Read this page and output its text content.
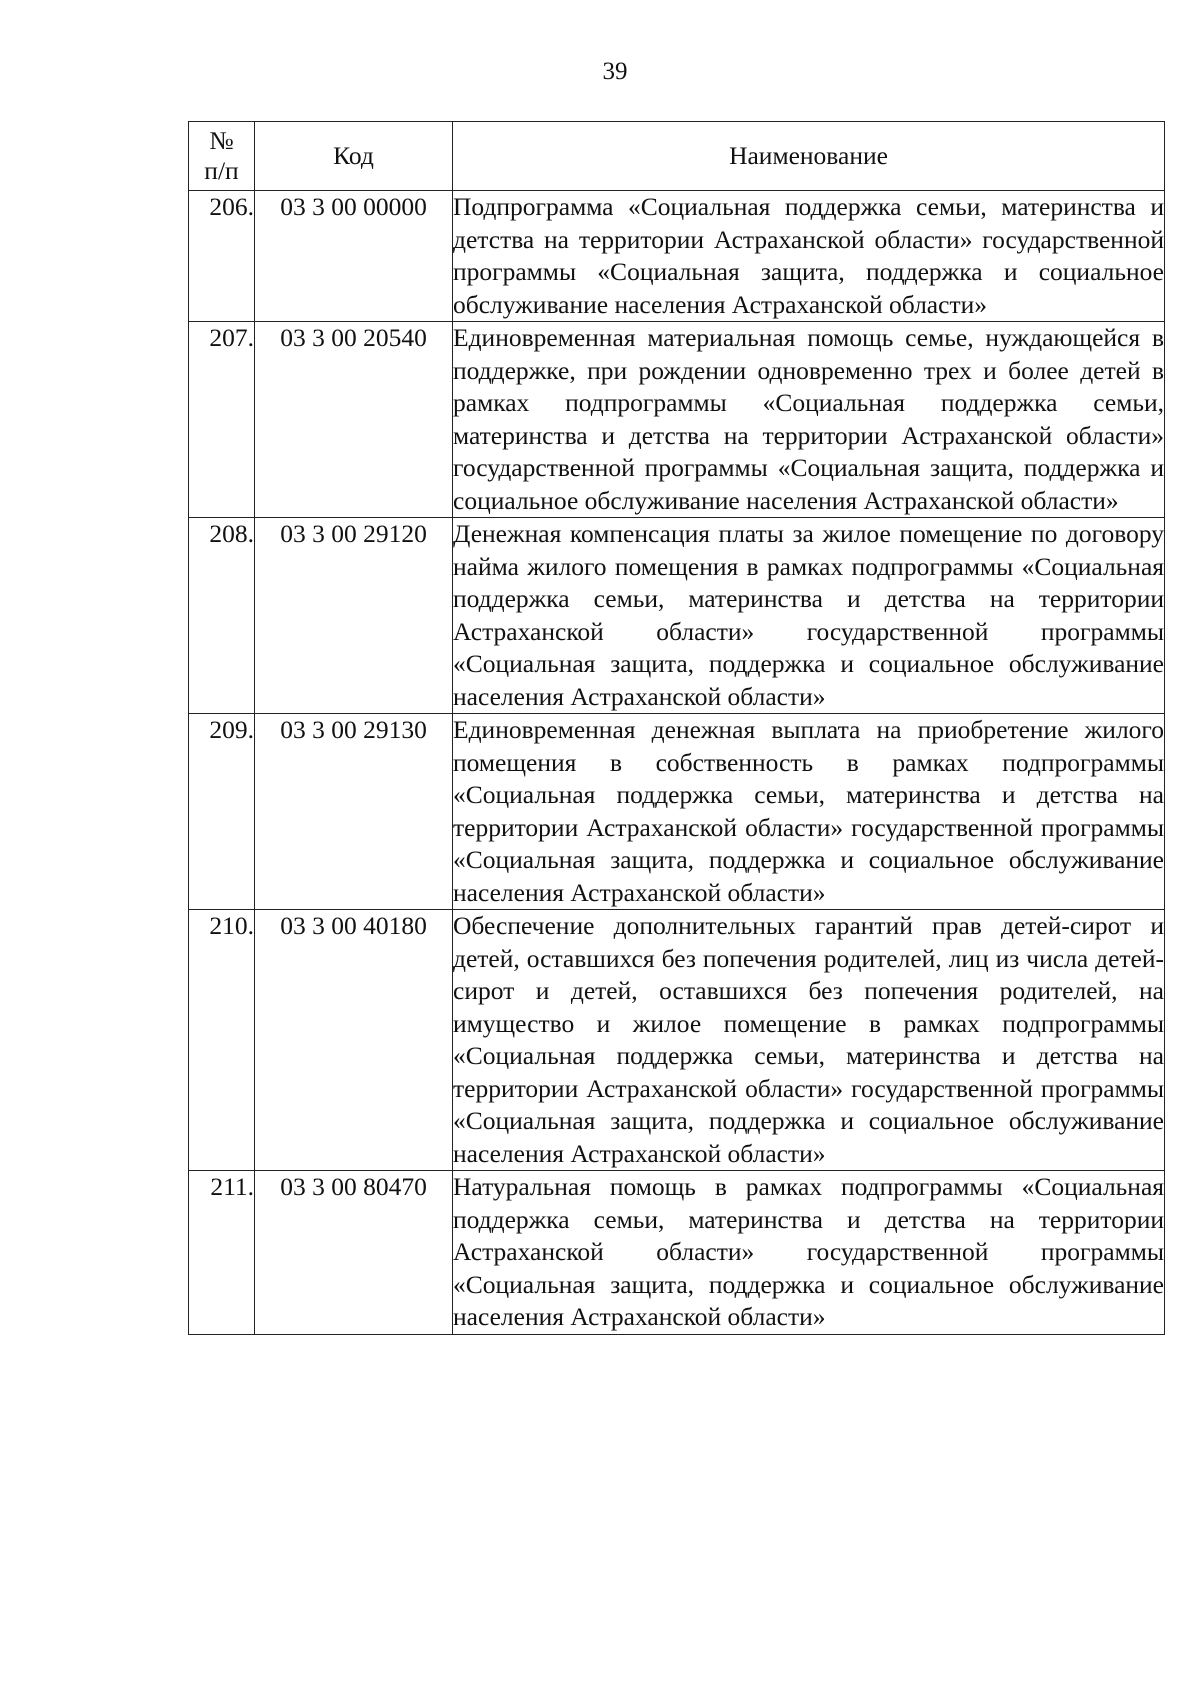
39
№
п/п	Код	Наименование
206.	03 3 00 00000	Подпрограмма «Социальная поддержка семьи, материнства и детства на территории Астраханской области» государственной программы «Социальная защита, поддержка и социальное обслуживание населения Астраханской области»
207.	03 3 00 20540	Единовременная материальная помощь семье, нуждающейся в поддержке, при рождении одновременно трех и более детей в рамках подпрограммы «Социальная поддержка семьи, материнства и детства на территории Астраханской области» государственной программы «Социальная защита, поддержка и социальное обслуживание населения Астраханской области»
208.	03 3 00 29120	Денежная компенсация платы за жилое помещение по договору найма жилого помещения в рамках подпрограммы «Социальная поддержка семьи, материнства и детства на территории Астраханской области» государственной программы «Социальная защита, поддержка и социальное обслуживание населения Астраханской области»
209.	03 3 00 29130	Единовременная денежная выплата на приобретение жилого помещения в собственность в рамках подпрограммы «Социальная поддержка семьи, материнства и детства на территории Астраханской области» государственной программы «Социальная защита, поддержка и социальное обслуживание населения Астраханской области»
210.	03 3 00 40180	Обеспечение дополнительных гарантий прав детей-сирот и детей, оставшихся без попечения родителей, лиц из числа детей-сирот и детей, оставшихся без попечения родителей, на имущество и жилое помещение в рамках подпрограммы «Социальная поддержка семьи, материнства и детства на территории Астраханской области» государственной программы «Социальная защита, поддержка и социальное обслуживание населения Астраханской области»
211.	03 3 00 80470	Натуральная помощь в рамках подпрограммы «Социальная поддержка семьи, материнства и детства на территории Астраханской области» государственной программы «Социальная защита, поддержка и социальное обслуживание населения Астраханской области»
